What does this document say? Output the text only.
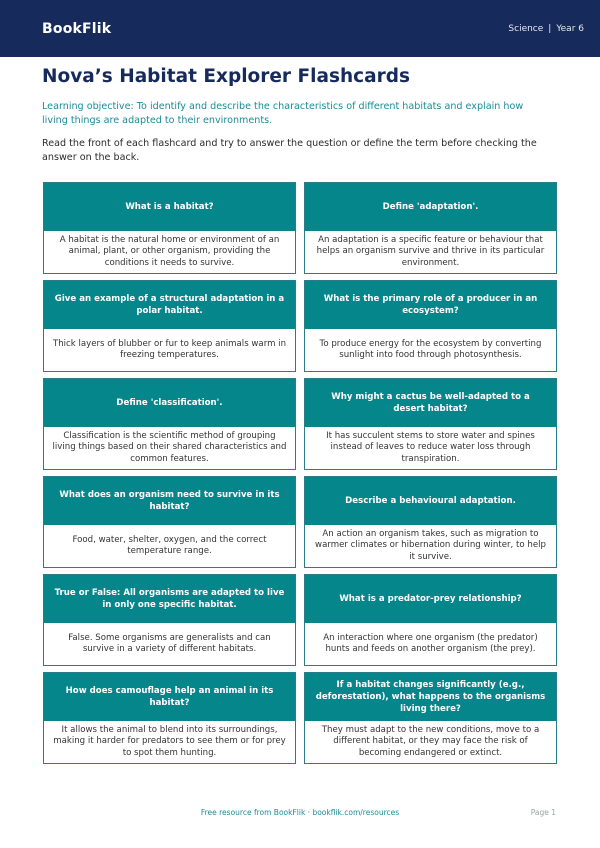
BookFlik	Science | Year 6
Nova’s Habitat Explorer Flashcards

Learning objective: To identify and describe the characteristics of different habitats and explain how living things are adapted to their environments.

Read the front of each flashcard and try to answer the question or define the term before checking the answer on the back.

What is a habitat?
A habitat is the natural home or environment of an animal, plant, or other organism, providing the conditions it needs to survive.
Define 'adaptation'.
An adaptation is a specific feature or behaviour that helps an organism survive and thrive in its particular environment.
Give an example of a structural adaptation in a polar habitat.
Thick layers of blubber or fur to keep animals warm in freezing temperatures.
What is the primary role of a producer in an ecosystem?
To produce energy for the ecosystem by converting sunlight into food through photosynthesis.
Define 'classification'.
Classification is the scientific method of grouping living things based on their shared characteristics and common features.
Why might a cactus be well-adapted to a desert habitat?
It has succulent stems to store water and spines instead of leaves to reduce water loss through transpiration.
What does an organism need to survive in its habitat?
Food, water, shelter, oxygen, and the correct temperature range.
Describe a behavioural adaptation.
An action an organism takes, such as migration to warmer climates or hibernation during winter, to help it survive.
True or False: All organisms are adapted to live in only one specific habitat.
False. Some organisms are generalists and can survive in a variety of different habitats.
What is a predator-prey relationship?
An interaction where one organism (the predator) hunts and feeds on another organism (the prey).
How does camouflage help an animal in its habitat?
It allows the animal to blend into its surroundings, making it harder for predators to see them or for prey to spot them hunting.
If a habitat changes significantly (e.g., deforestation), what happens to the organisms living there?
They must adapt to the new conditions, move to a different habitat, or they may face the risk of becoming endangered or extinct.
Free resource from BookFlik · bookflik.com/resources	Page 1
